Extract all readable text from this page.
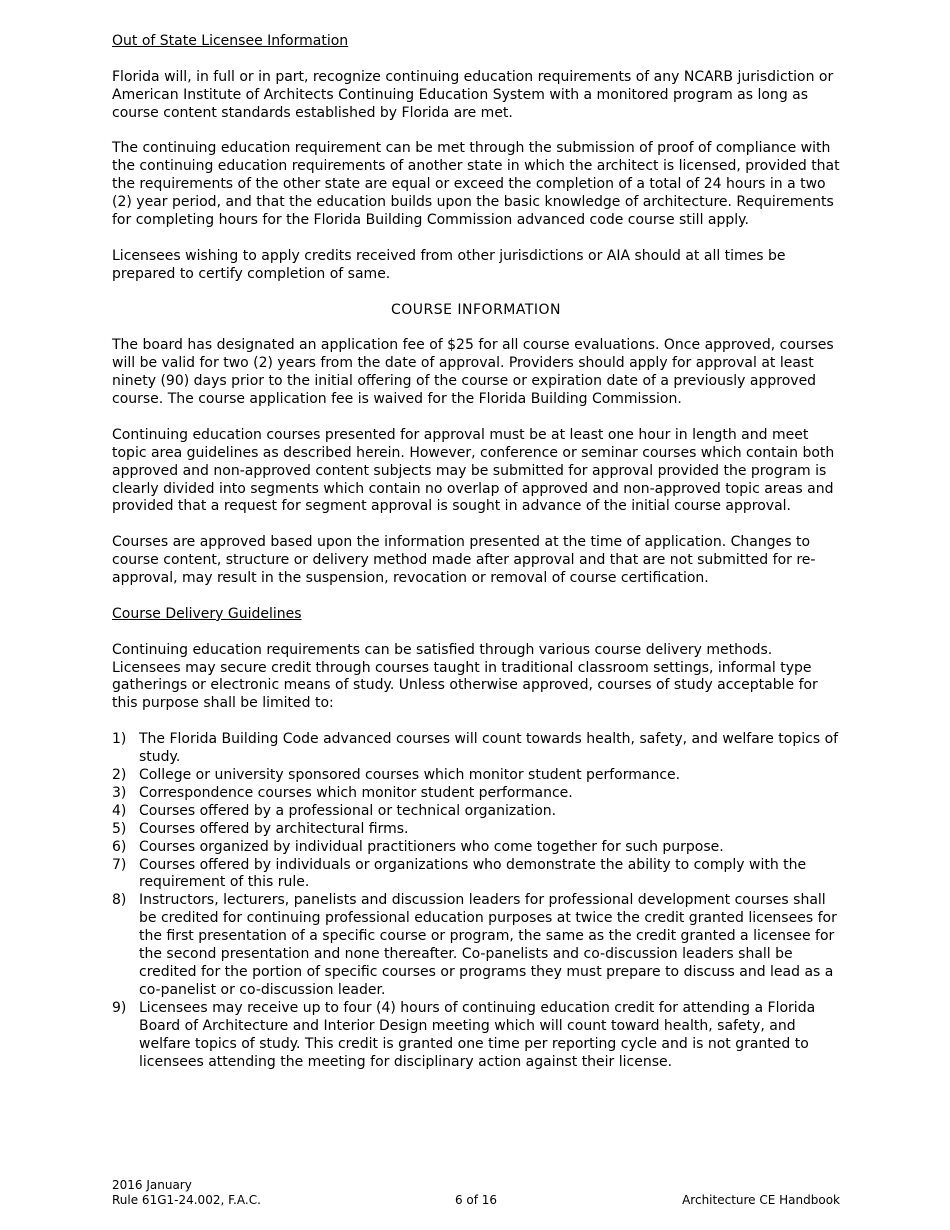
Out of State Licensee Information

Florida will, in full or in part, recognize continuing education requirements of any NCARB jurisdiction or American Institute of Architects Continuing Education System with a monitored program as long as course content standards established by Florida are met.

The continuing education requirement can be met through the submission of proof of compliance with the continuing education requirements of another state in which the architect is licensed, provided that the requirements of the other state are equal or exceed the completion of a total of 24 hours in a two (2) year period, and that the education builds upon the basic knowledge of architecture. Requirements for completing hours for the Florida Building Commission advanced code course still apply.

Licensees wishing to apply credits received from other jurisdictions or AIA should at all times be prepared to certify completion of same.

COURSE INFORMATION

The board has designated an application fee of $25 for all course evaluations. Once approved, courses will be valid for two (2) years from the date of approval. Providers should apply for approval at least ninety (90) days prior to the initial offering of the course or expiration date of a previously approved course. The course application fee is waived for the Florida Building Commission.

Continuing education courses presented for approval must be at least one hour in length and meet topic area guidelines as described herein. However, conference or seminar courses which contain both approved and non-approved content subjects may be submitted for approval provided the program is clearly divided into segments which contain no overlap of approved and non-approved topic areas and provided that a request for segment approval is sought in advance of the initial course approval.

Courses are approved based upon the information presented at the time of application. Changes to course content, structure or delivery method made after approval and that are not submitted for re-approval, may result in the suspension, revocation or removal of course certification.

Course Delivery Guidelines

Continuing education requirements can be satisfied through various course delivery methods. Licensees may secure credit through courses taught in traditional classroom settings, informal type gatherings or electronic means of study. Unless otherwise approved, courses of study acceptable for this purpose shall be limited to:

1) The Florida Building Code advanced courses will count towards health, safety, and welfare topics of study.
2) College or university sponsored courses which monitor student performance.
3) Correspondence courses which monitor student performance.
4) Courses offered by a professional or technical organization.
5) Courses offered by architectural firms.
6) Courses organized by individual practitioners who come together for such purpose.
7) Courses offered by individuals or organizations who demonstrate the ability to comply with the requirement of this rule.
8) Instructors, lecturers, panelists and discussion leaders for professional development courses shall be credited for continuing professional education purposes at twice the credit granted licensees for the first presentation of a specific course or program, the same as the credit granted a licensee for the second presentation and none thereafter. Co-panelists and co-discussion leaders shall be credited for the portion of specific courses or programs they must prepare to discuss and lead as a co-panelist or co-discussion leader.
9) Licensees may receive up to four (4) hours of continuing education credit for attending a Florida Board of Architecture and Interior Design meeting which will count toward health, safety, and welfare topics of study. This credit is granted one time per reporting cycle and is not granted to licensees attending the meeting for disciplinary action against their license.
2016 January
Rule 61G1-24.002, F.A.C.	6 of 16	Architecture CE Handbook
